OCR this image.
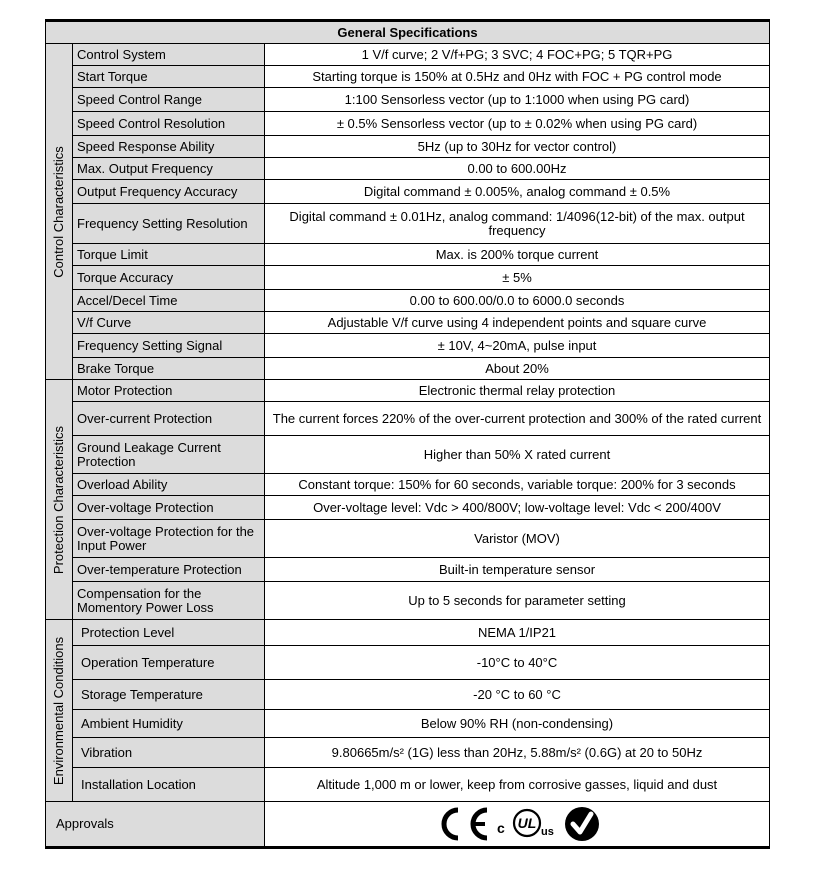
General Specifications		

Control Characteristics	Control System	1 V/f curve; 2 V/f+PG; 3 SVC; 4 FOC+PG; 5 TQR+PG
	Start Torque	Starting torque is 150% at 0.5Hz and 0Hz with FOC + PG control mode
	Speed Control Range	1:100 Sensorless vector (up to 1:1000 when using PG card)
	Speed Control Resolution	± 0.5% Sensorless vector (up to ± 0.02% when using PG card)
	Speed Response Ability	5Hz (up to 30Hz for vector control)
	Max. Output Frequency	0.00 to 600.00Hz
	Output Frequency Accuracy	Digital command ± 0.005%, analog command ± 0.5%
	Frequency Setting Resolution	Digital command ± 0.01Hz, analog command: 1/4096(12-bit) of the max. output frequency
	Torque Limit	Max. is 200% torque current
	Torque Accuracy	± 5%
	Accel/Decel Time	0.00 to 600.00/0.0 to 6000.0 seconds
	V/f Curve	Adjustable V/f curve using 4 independent points and square curve
	Frequency Setting Signal	± 10V, 4~20mA, pulse input
	Brake Torque	About 20%

Protection Characteristics	Motor Protection	Electronic thermal relay protection
	Over-current Protection	The current forces 220% of the over-current protection and 300% of the rated current
	Ground Leakage Current Protection	Higher than 50% X rated current
	Overload Ability	Constant torque: 150% for 60 seconds, variable torque: 200% for 3 seconds
	Over-voltage Protection	Over-voltage level: Vdc > 400/800V; low-voltage level: Vdc < 200/400V
	Over-voltage Protection for the Input Power	Varistor (MOV)
	Over-temperature Protection	Built-in temperature sensor
	Compensation for the Momentory Power Loss	Up to 5 seconds for parameter setting

Environmental Conditions	Protection Level	NEMA 1/IP21
	Operation Temperature	-10°C to 40°C
	Storage Temperature	-20 °C to 60 °C
	Ambient Humidity	Below 90% RH (non-condensing)
	Vibration	9.80665m/s² (1G) less than 20Hz, 5.88m/s² (0.6G) at 20 to 50Hz
	Installation Location	Altitude 1,000 m or lower, keep from corrosive gasses, liquid and dust
Approvals		c UL
us
